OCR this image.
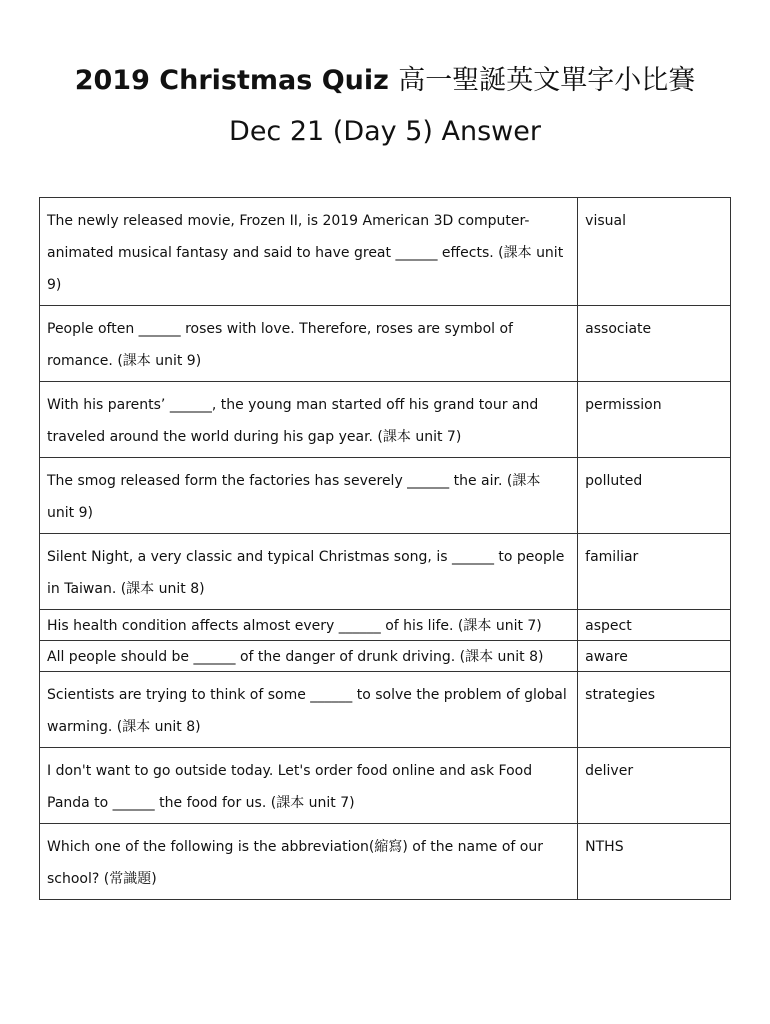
2019 Christmas Quiz 高一聖誕英文單字小比賽
Dec 21 (Day 5) Answer
The newly released movie, Frozen II, is 2019 American 3D computer-animated musical fantasy and said to have great ______ effects. (課本 unit 9)	visual
People often ______ roses with love. Therefore, roses are symbol of romance. (課本 unit 9)	associate
With his parents’ ______, the young man started off his grand tour and traveled around the world during his gap year. (課本 unit 7)	permission
The smog released form the factories has severely ______ the air. (課本 unit 9)	polluted
Silent Night, a very classic and typical Christmas song, is ______ to people in Taiwan. (課本 unit 8)	familiar
His health condition affects almost every ______ of his life. (課本 unit 7)	aspect
All people should be ______ of the danger of drunk driving. (課本 unit 8)	aware
Scientists are trying to think of some ______ to solve the problem of global warming. (課本 unit 8)	strategies
I don't want to go outside today. Let's order food online and ask Food Panda to ______ the food for us. (課本 unit 7)	deliver
Which one of the following is the abbreviation(縮寫) of the name of our school? (常識題)	NTHS
